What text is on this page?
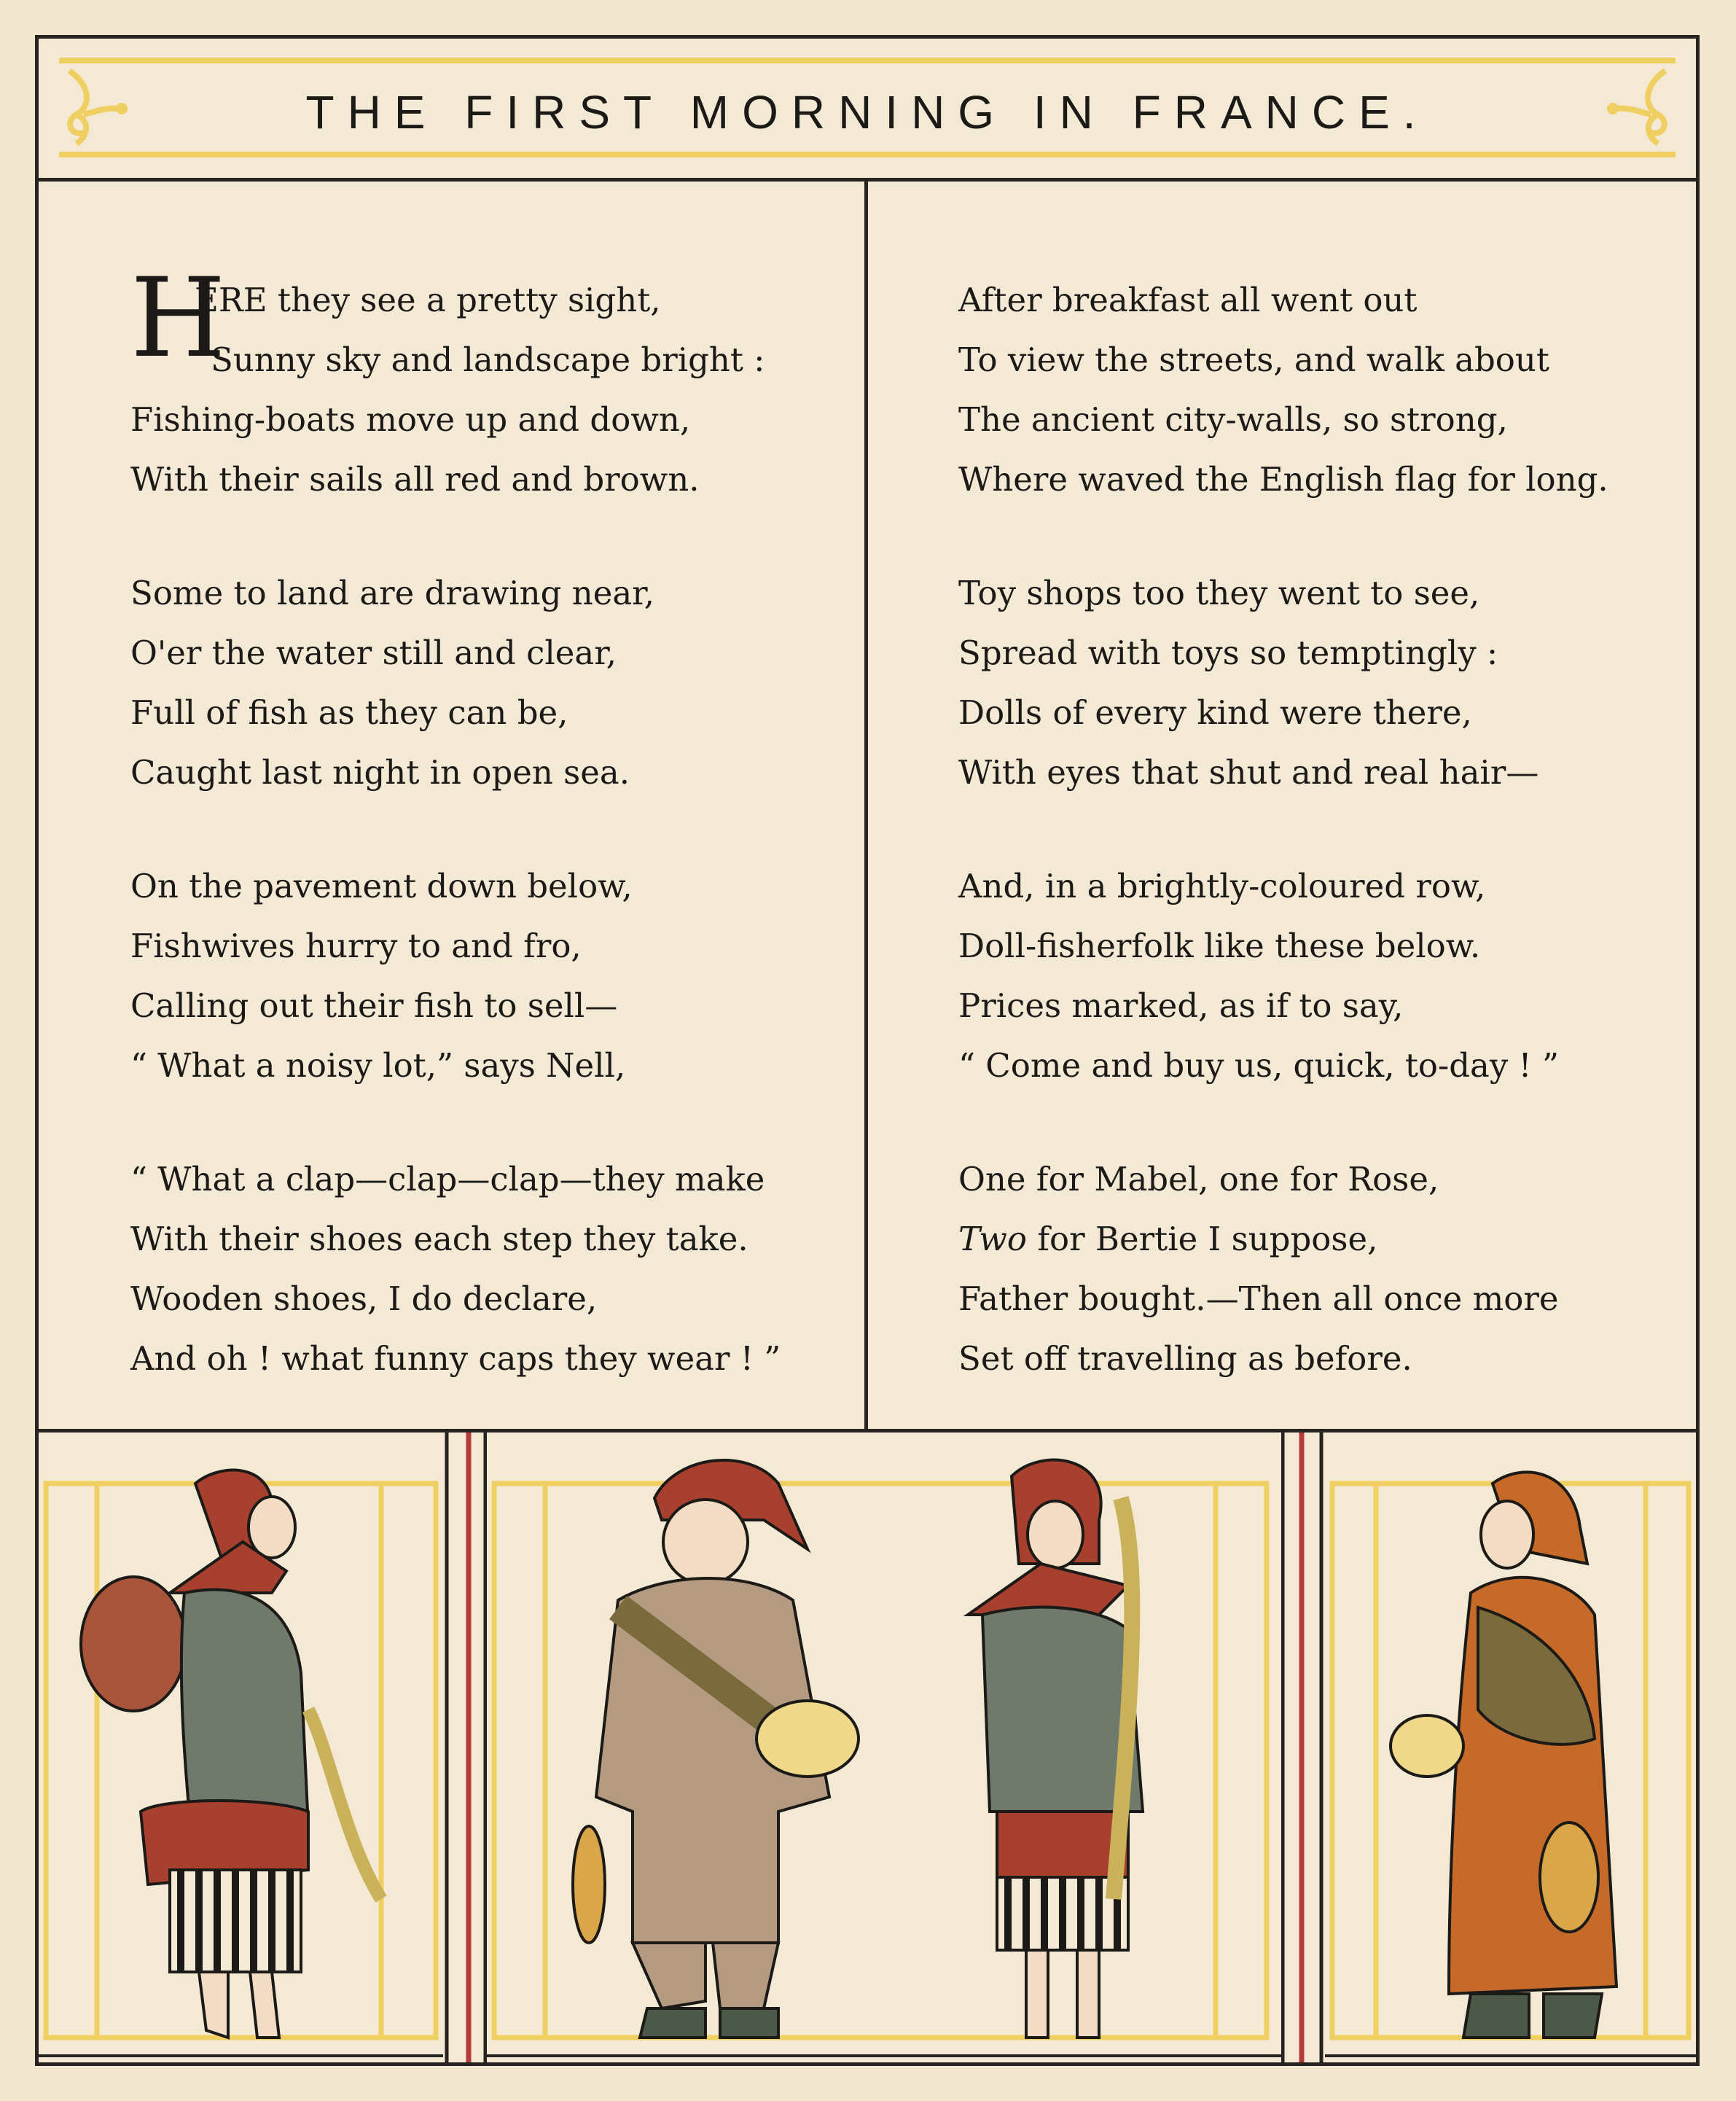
THE FIRST MORNING IN FRANCE.
H
ERE they see a pretty sight,
Sunny sky and landscape bright :
Fishing-boats move up and down,
With their sails all red and brown.
Some to land are drawing near,
O'er the water still and clear,
Full of fish as they can be,
Caught last night in open sea.
On the pavement down below,
Fishwives hurry to and fro,
Calling out their fish to sell—
“ What a noisy lot,” says Nell,
“ What a clap—clap—clap—they make
With their shoes each step they take.
Wooden shoes, I do declare,
And oh ! what funny caps they wear ! ”
After breakfast all went out
To view the streets, and walk about
The ancient city-walls, so strong,
Where waved the English flag for long.
Toy shops too they went to see,
Spread with toys so temptingly :
Dolls of every kind were there,
With eyes that shut and real hair—
And, in a brightly-coloured row,
Doll-fisherfolk like these below.
Prices marked, as if to say,
“ Come and buy us, quick, to-day ! ”
One for Mabel, one for Rose,
Two for Bertie I suppose,
Father bought.—Then all once more
Set off travelling as before.
